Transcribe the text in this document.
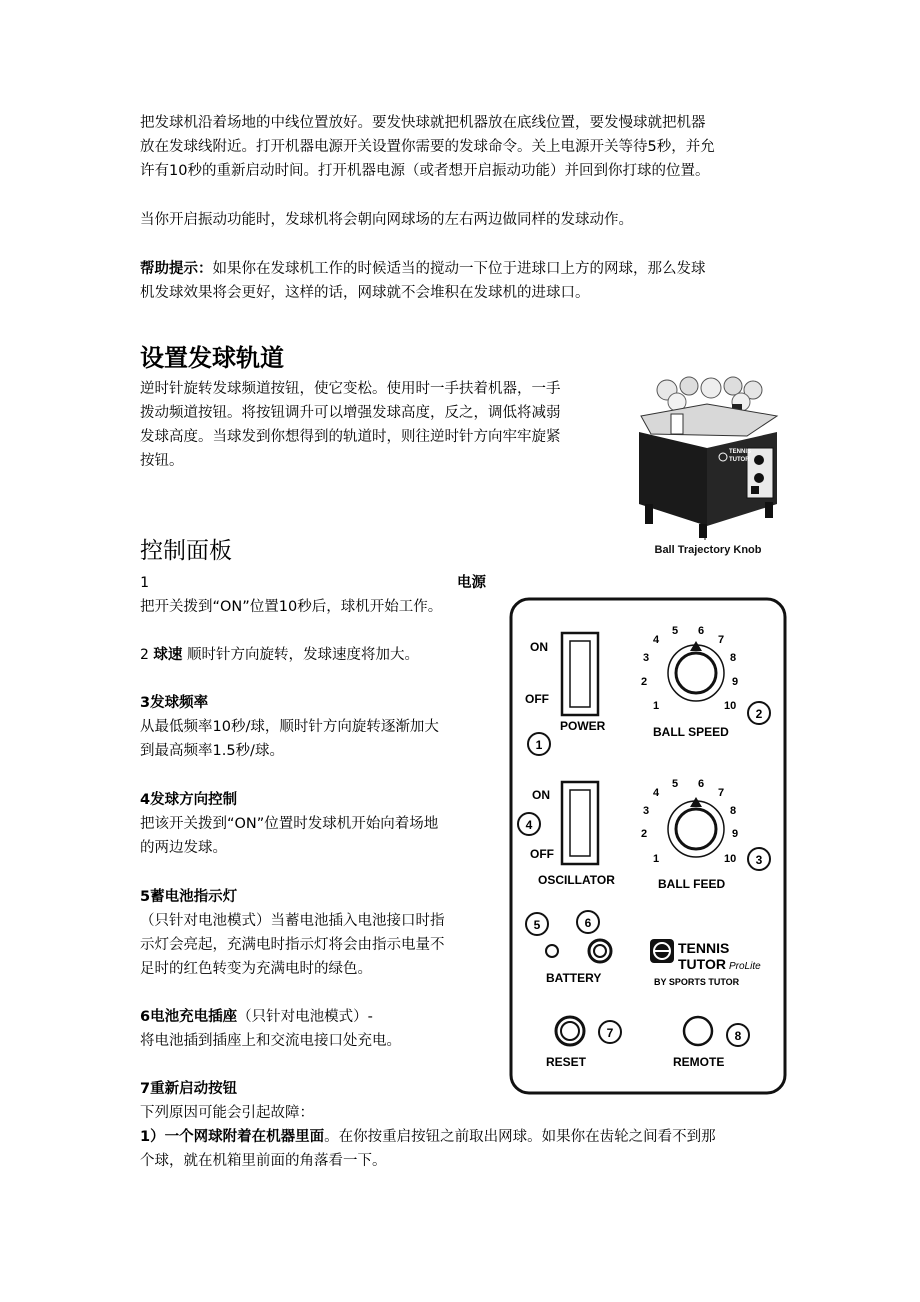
把发球机沿着场地的中线位置放好。要发快球就把机器放在底线位置，要发慢球就把机器
放在发球线附近。打开机器电源开关设置你需要的发球命令。关上电源开关等待5秒，并允
许有10秒的重新启动时间。打开机器电源（或者想开启振动功能）并回到你打球的位置。
当你开启振动功能时，发球机将会朝向网球场的左右两边做同样的发球动作。
帮助提示：如果你在发球机工作的时候适当的搅动一下位于进球口上方的网球，那么发球
机发球效果将会更好，这样的话，网球就不会堆积在发球机的进球口。
设置发球轨道
逆时针旋转发球频道按钮，使它变松。使用时一手扶着机器，一手
拨动频道按钮。将按钮调升可以增强发球高度，反之，调低将减弱
发球高度。当球发到你想得到的轨道时，则往逆时针方向牢牢旋紧
按钮。
TENNIS
TUTOR
Ball Trajectory Knob
控制面板
1	电源
把开关拨到“ON”位置10秒后，球机开始工作。
2 球速 顺时针方向旋转，发球速度将加大。
3发球频率
从最低频率10秒/球，顺时针方向旋转逐渐加大
到最高频率1.5秒/球。
4发球方向控制
把该开关拨到“ON”位置时发球机开始向着场地
的两边发球。
5蓄电池指示灯
（只针对电池模式）当蓄电池插入电池接口时指
示灯会亮起，充满电时指示灯将会由指示电量不
足时的红色转变为充满电时的绿色。
6电池充电插座（只针对电池模式）-
将电池插到插座上和交流电接口处充电。
7重新启动按钮
下列原因可能会引起故障：
1）一个网球附着在机器里面。在你按重启按钮之前取出网球。如果你在齿轮之间看不到那
个球，就在机箱里前面的角落看一下。
ON
OFF
POWER
1
1
2
3
4
5 6
7
8
9
10
BALL SPEED
2
ON
OFF
OSCILLATOR
4
1
2
3
4
5 6
7
8
9
10
BALL FEED
3
5	6
BATTERY
TENNIS
TUTOR ProLite
BY SPORTS TUTOR
7
RESET
8
REMOTE
